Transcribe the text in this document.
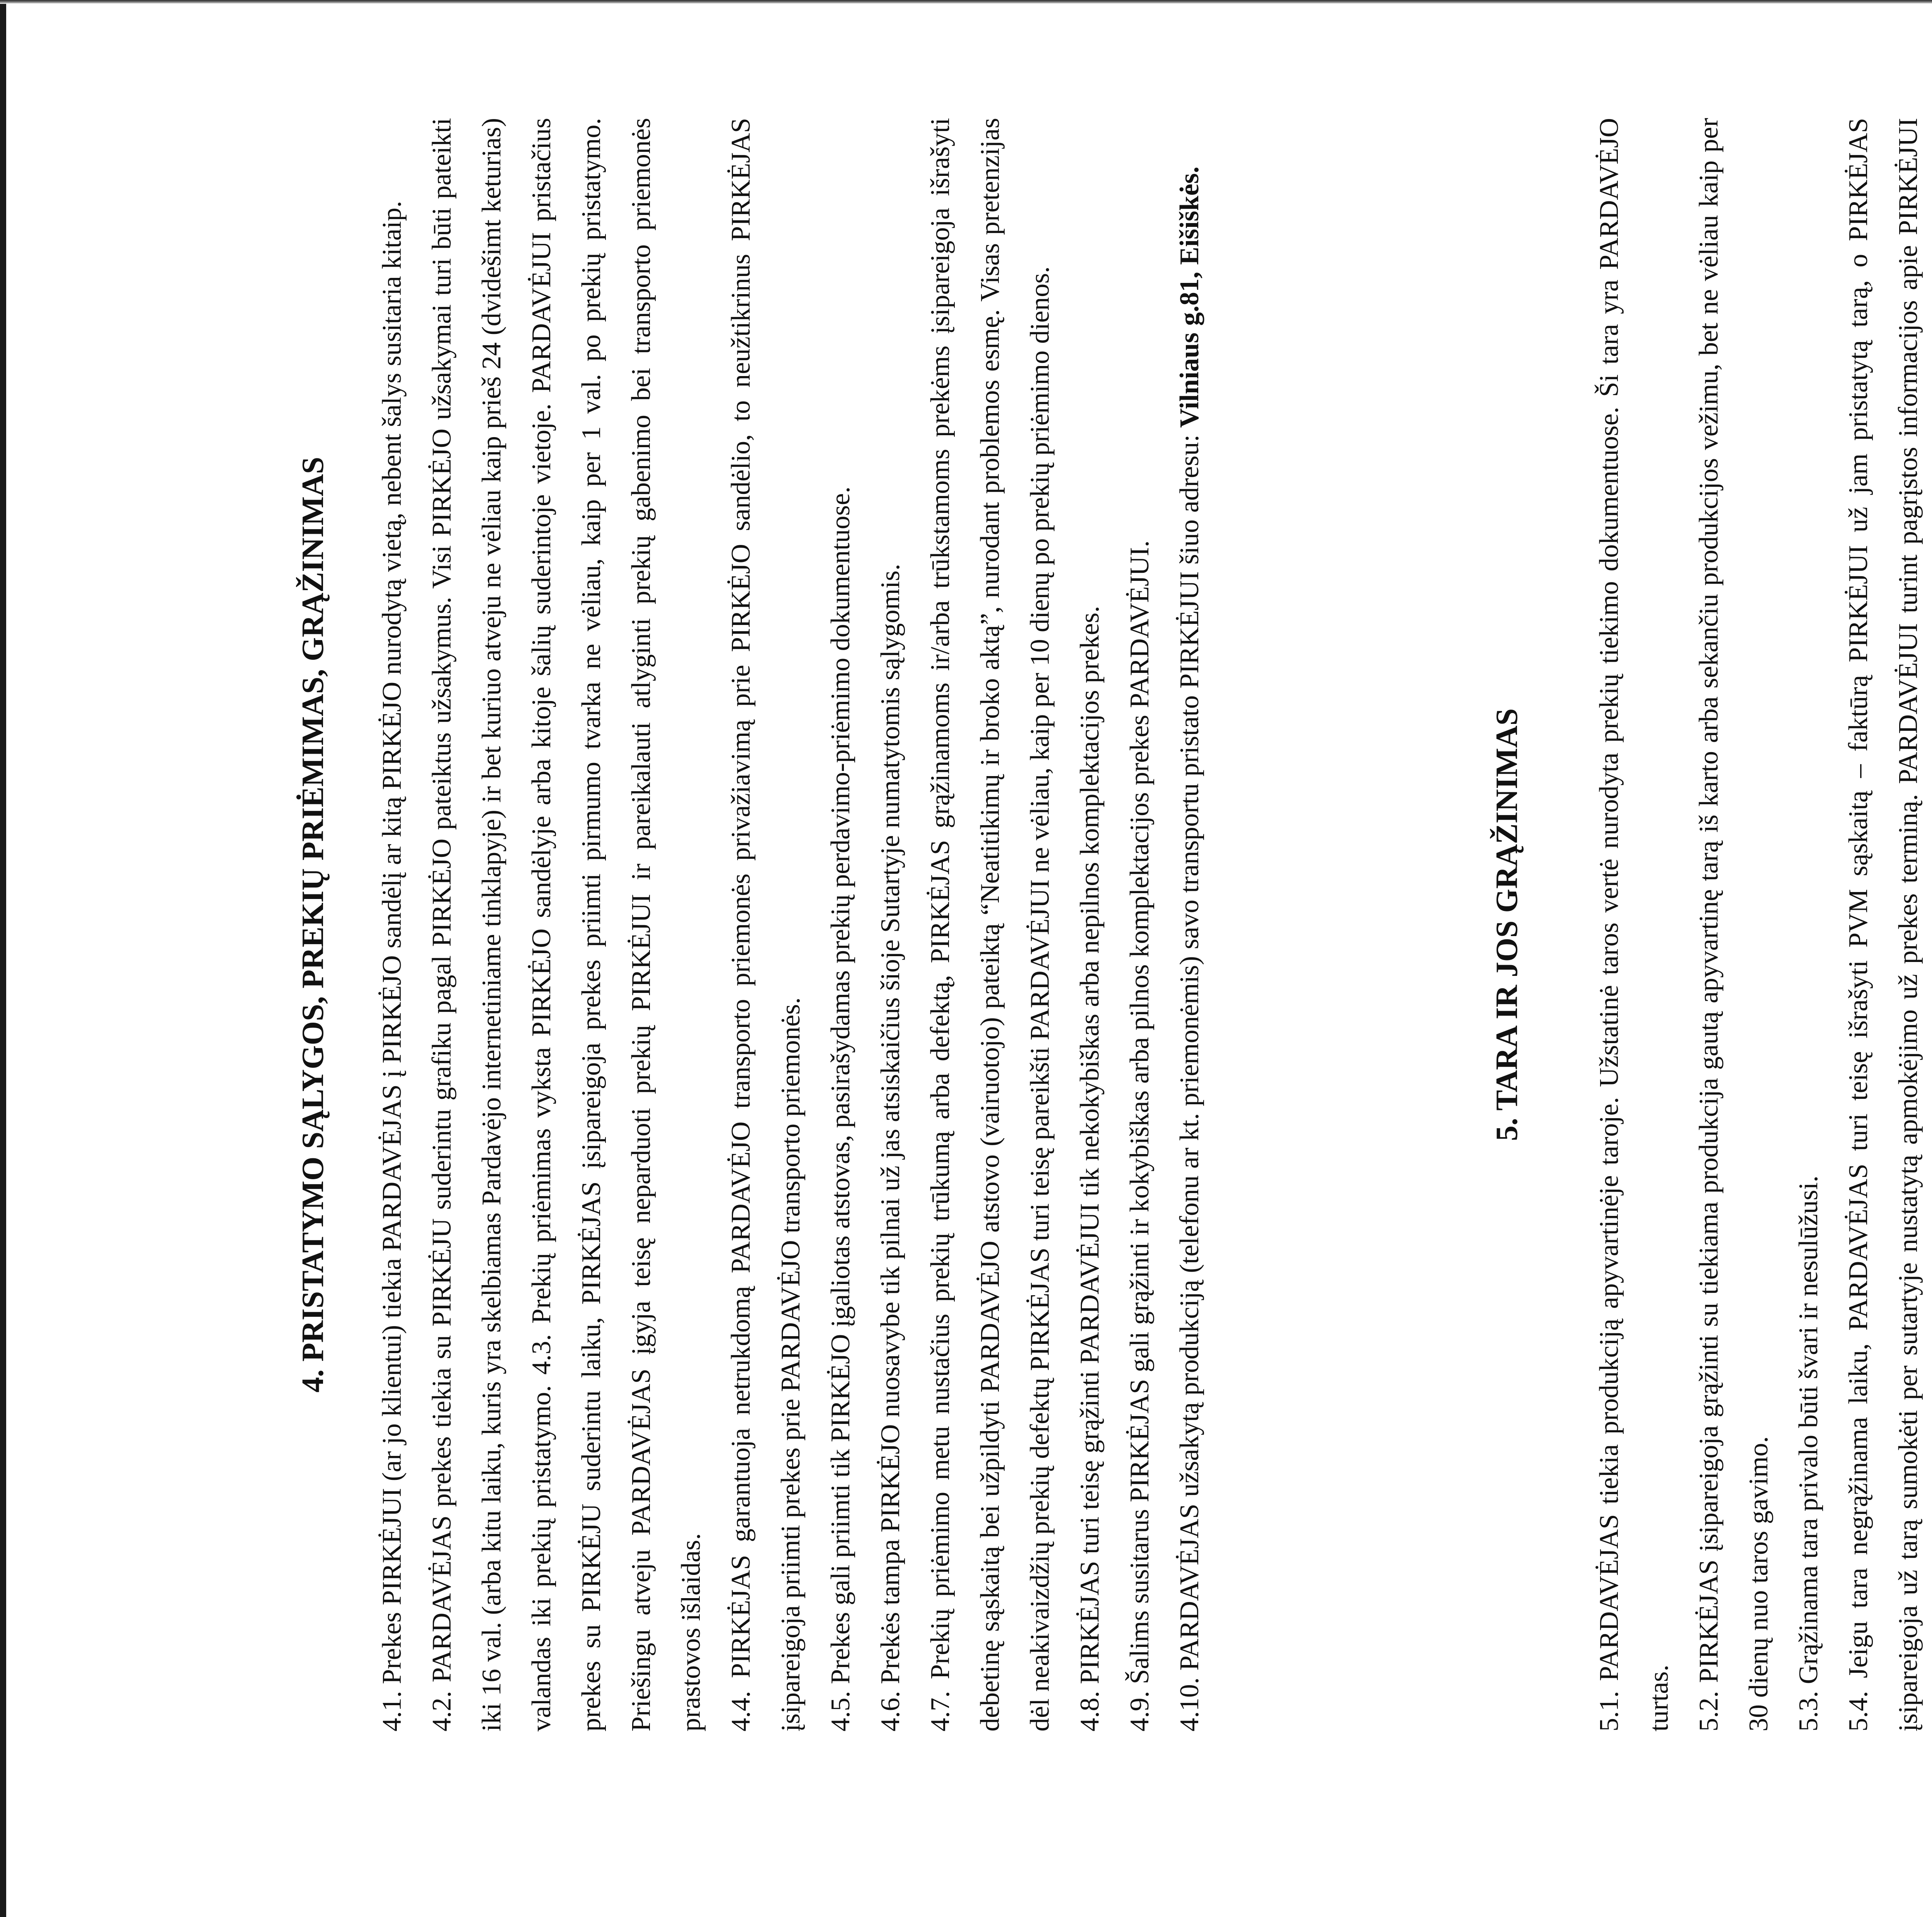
4. PRISTATYMO SĄLYGOS, PREKIŲ PRIĖMIMAS, GRĄŽINIMAS	4.1. Prekes PIRKĖJUI (ar jo klientui) tiekia PARDAVĖJAS į PIRKĖJO sandėlį ar kitą PIRKĖJO nurodytą vietą, nebent šalys susitaria kitaip. 4.2. PARDAVĖJAS prekes tiekia su PIRKĖJU suderintu grafiku pagal PIRKĖJO pateiktus užsakymus. Visi PIRKĖJO užsakymai turi būti pateikti iki 16 val. (arba kitu laiku, kuris yra skelbiamas Pardavėjo internetiniame tinklapyje) ir bet kuriuo atveju ne vėliau kaip prieš 24 (dvidešimt keturias) valandas iki prekių pristatymo. 4.3. Prekių priėmimas vyksta PIRKĖJO sandėlyje arba kitoje šalių suderintoje vietoje. PARDAVĖJUI pristačius prekes su PIRKĖJU suderintu laiku, PIRKĖJAS įsipareigoja prekes priimti pirmumo tvarka ne vėliau, kaip per 1 val. po prekių pristatymo. Priešingu atveju PARDAVĖJAS įgyja teisę neparduoti prekių PIRKĖJUI ir pareikalauti atlyginti prekių gabenimo bei transporto priemonės prastovos išlaidas. 4.4. PIRKĖJAS garantuoja netrukdomą PARDAVĖJO transporto priemonės privažiavimą prie PIRKĖJO sandėlio, to neužtikrinus PIRKĖJAS įsipareigoja priimti prekes prie PARDAVĖJO transporto priemonės. 4.5. Prekes gali priimti tik PIRKĖJO įgaliotas atstovas, pasirašydamas prekių perdavimo-priėmimo dokumentuose. 4.6. Prekės tampa PIRKĖJO nuosavybe tik pilnai už jas atsiskaičius šioje Sutartyje numatytomis sąlygomis. 4.7. Prekių priėmimo metu nustačius prekių trūkumą arba defektą, PIRKĖJAS grąžinamoms ir/arba trūkstamoms prekėms įsipareigoja išrašyti debetinę sąskaitą bei užpildyti PARDAVĖJO atstovo (vairuotojo) pateiktą “Neatitikimų ir broko aktą”, nurodant problemos esmę. Visas pretenzijas dėl neakivaizdžių prekių defektų PIRKĖJAS turi teisę pareikšti PARDAVĖJUI ne vėliau, kaip per 10 dienų po prekių priėmimo dienos. 4.8. PIRKĖJAS turi teisę grąžinti PARDAVĖJUI tik nekokybiškas arba nepilnos komplektacijos prekes. 4.9. Šalims susitarus PIRKĖJAS gali grąžinti ir kokybiškas arba pilnos komplektacijos prekes PARDAVĖJUI. 4.10. PARDAVĖJAS užsakytą produkciją (telefonu ar kt. priemonėmis) savo transportu pristato PIRKĖJUI šiuo adresu: Vilniaus g.81, Eišiškės.

5. TARA IR JOS GRĄŽINIMAS	5.1. PARDAVĖJAS tiekia produkciją apyvartinėje taroje. Užstatinė taros vertė nurodyta prekių tiekimo dokumentuose. Ši tara yra PARDAVĖJO turtas. 5.2. PIRKĖJAS įsipareigoja grąžinti su tiekiama produkcija gautą apyvartinę tarą iš karto arba sekančiu produkcijos vežimu, bet ne vėliau kaip per 30 dienų nuo taros gavimo. 5.3. Grąžinama tara privalo būti švari ir nesulūžusi. 5.4. Jeigu tara negrąžinama laiku, PARDAVĖJAS turi teisę išrašyti PVM sąskaitą – faktūrą PIRKĖJUI už jam pristatytą tarą, o PIRKĖJAS įsipareigoja už tarą sumokėti per sutartyje nustatytą apmokėjimo už prekes terminą. PARDAVĖJUI turint pagrįstos informacijos apie PIRKĖJUI
